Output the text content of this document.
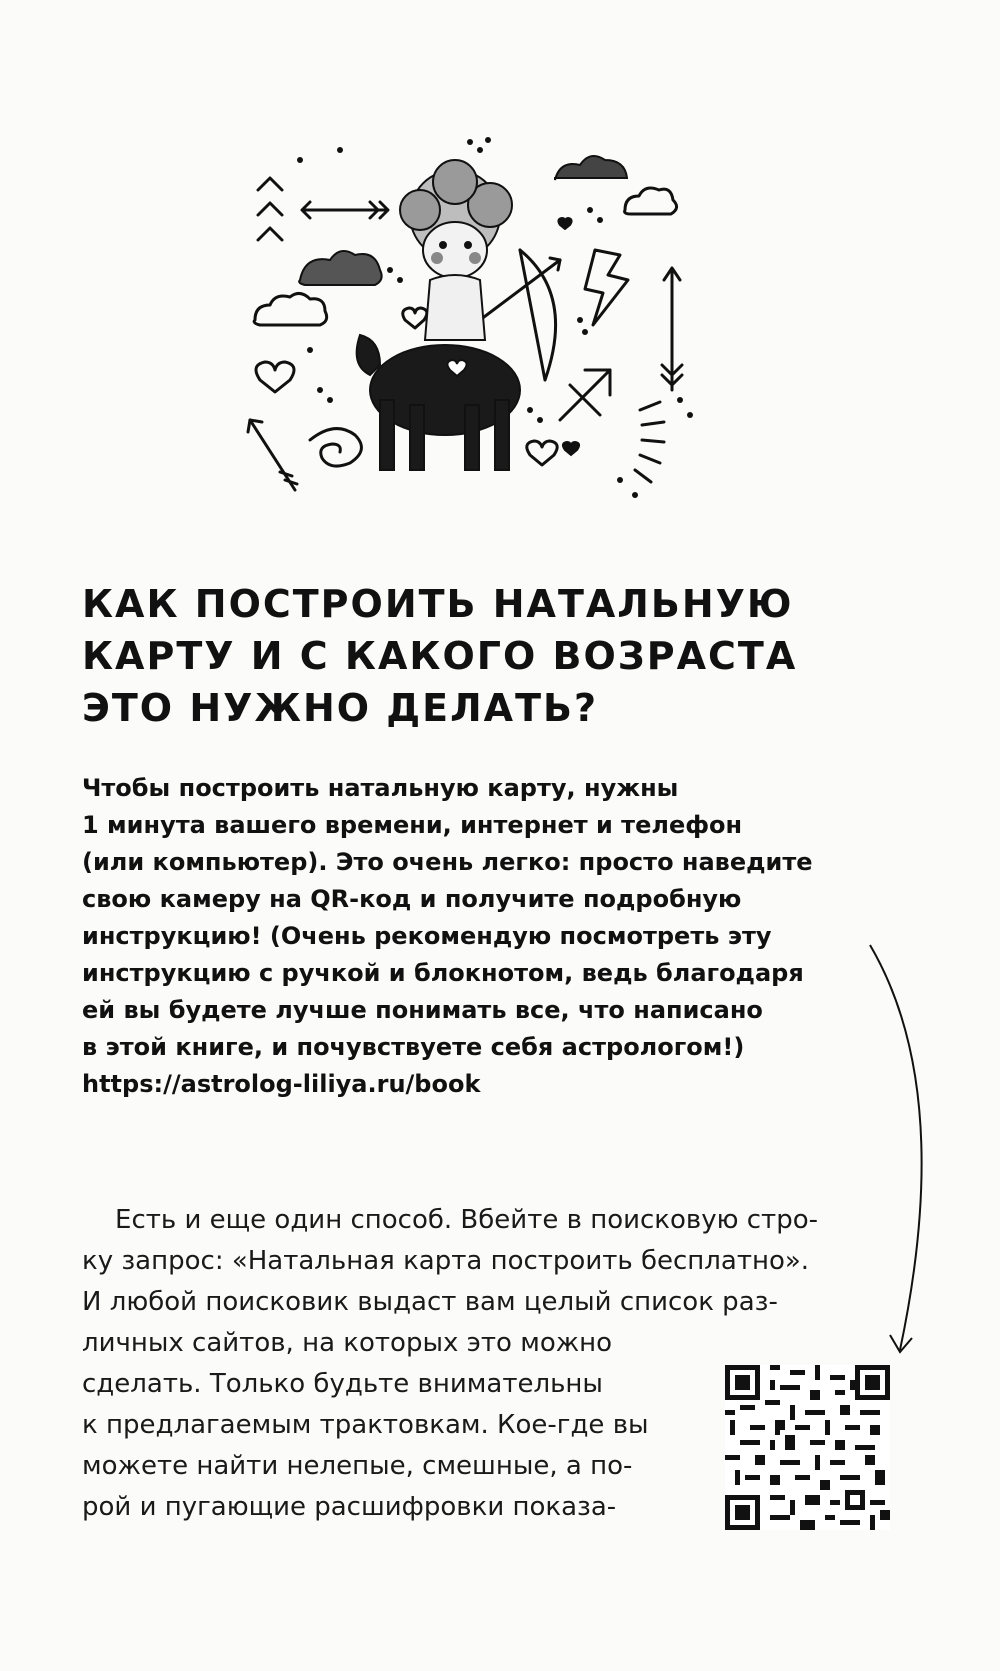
КАК ПОСТРОИТЬ НАТАЛЬНУЮ
КАРТУ И С КАКОГО ВОЗРАСТА
ЭТО НУЖНО ДЕЛАТЬ?
Чтобы построить натальную карту, нужны
1 минута вашего времени, интернет и телефон
(или компьютер). Это очень легко: просто наведите
свою камеру на QR-код и получите подробную
инструкцию! (Очень рекомендую посмотреть эту
инструкцию с ручкой и блокнотом, ведь благодаря
ей вы будете лучше понимать все, что написано
в этой книге, и почувствуете себя астрологом!)
https://astrolog-liliya.ru/book
Есть и еще один способ. Вбейте в поисковую стро-
ку запрос: «Натальная карта построить бесплатно».
И любой поисковик выдаст вам целый список раз-
личных сайтов, на которых это можно
сделать. Только будьте внимательны
к предлагаемым трактовкам. Кое-где вы
можете найти нелепые, смешные, а по-
рой и пугающие расшифровки показа-
